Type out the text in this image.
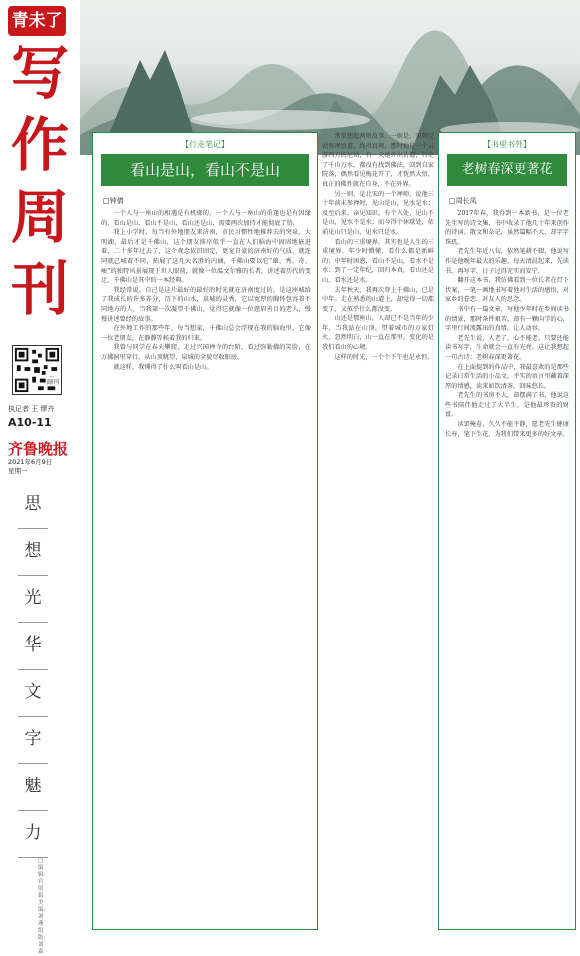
青未了
写
作
周
刊
副刊
执记者 王 缪卉
A10-11
齐鲁晚报
2021年6月9日
星期一
思
想
光
华
文
字
魅
力
□ 编辑：宫照娟 美编：刘燕 组版：刘森
【行走笔记】
看山是山，看山不是山
□钟倩

一个人与一座山的相遇是有机缘的，一个人与一座山的重逢也是有因缘的，看山是山，看山不是山，看山还是山，需要两次加持才能彻底了悟。

我上小学时，每当有外地朋友来济南，市民习惯性地推荐去的突泉、大明湖，最后才是千佛山，这个朋友排序似乎一直在人们脑海中固固地嵌进着，二十多年过去了，这个观念依旧固定，更宠自豪的济南好的气质，就连同就已城着不同，拓展了这几大名胜的内涵，千佛山要以它“雄、秀、奇、峻”的独特风景展现于世人眼前，就像一位温文尔雅的长者，讲述着历代的变迁，千佛山是其中的一本经典。

我经常说，自己是这片最好的最好的时光就在济南度过的，是这座城给了我成长的许多养分，历下的山水，泉城的灵秀，它以宽厚的胸怀包容着不同地方的人，当我第一次凝望千佛山，觉得它就像一位慈眉善目的老人，慢慢讲述曾经的故事。

在外地工作的那些年，每当想家，千佛山总会浮现在我的脑海里，它像一位老朋友，在静静等候着我的归来。

我曾与同学在春天攀爬，走过兴国禅寺的台阶，看过弥勒佛的笑脸，在万佛洞里穿行，从山顶眺望，泉城的全貌尽收眼底。

就这样，我懂得了什么叫看山是山。

常常想起两则故事。一则是，宋朝尼姑参禅悟道，终得真境。那时她是一个云游四方的尼姑，有一天她外出访道，行走了千山万水，都没有找到佛法，回到自家院落，偶然看见梅花开了，才恍然大悟，真正的佛性就在自身，不在外界。

另一则，是北宋的一个禅师，说他三十年前未参禅时，见山是山，见水是水；及至后来，亲见知识，有个入处，见山不是山，见水不是水；而今得个休歇处，依前见山只是山，见水只是水。

看山的三重境界，其实也是人生的三重境界，年少时懵懂，看什么都是新鲜的；中年时困惑，看山不是山，看水不是水；到了一定年纪，回归本真，看山还是山，看水还是水。

去年秋天，我再次登上千佛山，已是中年。走在熟悉的山道上，却觉得一切都变了，又似乎什么都没变。

山还是那座山，人却已不是当年的少年，当我站在山顶，望着城市的万家灯火，忽然明白，山一直在那里，变化的是我们看山的心境。

这样的时光，一个个下午也是永恒。

【书里书外】
老树春深更著花
□周长凤

2017年春，我得到一本新书，是一位老先生写的诗文集，书中收录了他几十年来创作的诗词、散文和杂记，虽然篇幅不大，却字字珠玑。

老先生年近八旬，依然笔耕不辍，他说写作是他晚年最大的乐趣，每天清晨起来，先读书，再写字，日子过得充实而安宁。

翻开这本书，我仿佛看到一位长者在灯下伏案，一笔一画地书写着他对生活的感悟，对家乡的眷恋，对友人的思念。

书中有一篇文章，写他少年时在乡间读书的情景，那时条件艰苦，却有一颗向学的心，字里行间流露出的真情，让人动容。

老先生说，人老了，心不能老，只要还能读书写字，生命就会一直有光亮。这让我想起一句古诗：老树春深更著花。

在上面提到的作品中，我最喜欢的是那些记录日常生活的小品文，平实的语言里藏着深厚的情感，读来如饮清茶，回味悠长。

老先生的书房不大，却摆满了书，他说这些书陪伴他走过了大半生，是他最珍贵的财富。

读罢掩卷，久久不能平静，愿老先生健康长寿，笔下生花，为我们带来更多的好文章。
